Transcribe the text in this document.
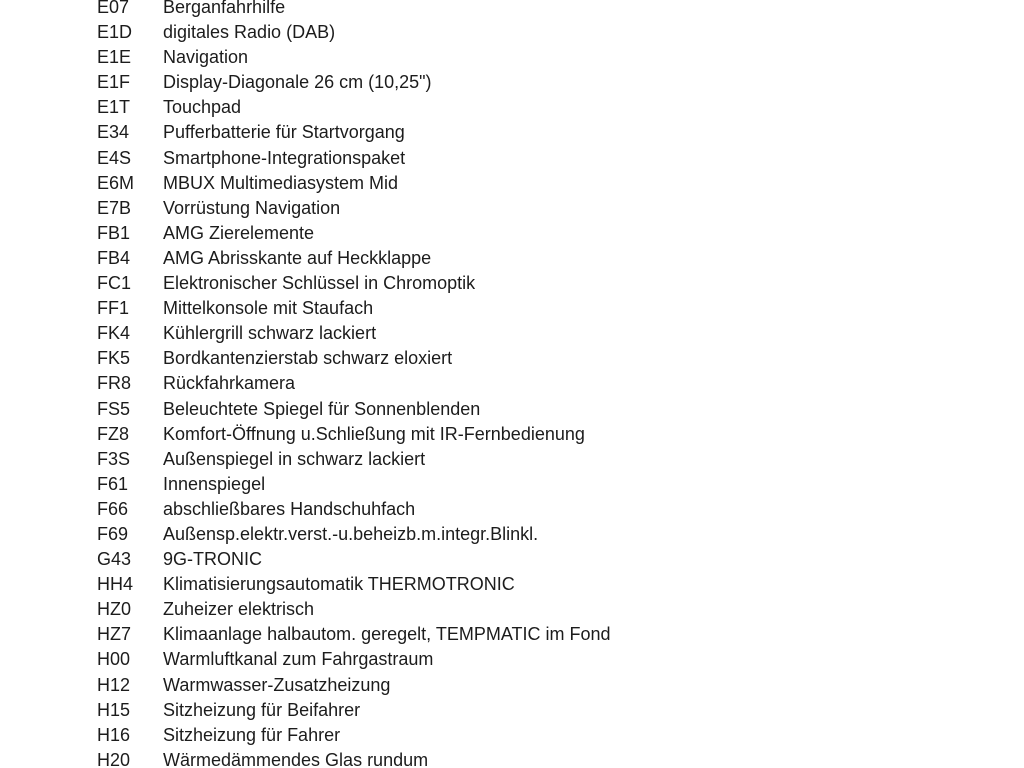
E07	Berganfahrhilfe
E1D	digitales Radio (DAB)
E1E	Navigation
E1F	Display-Diagonale 26 cm (10,25")
E1T	Touchpad
E34	Pufferbatterie für Startvorgang
E4S	Smartphone-Integrationspaket
E6M	MBUX Multimediasystem Mid
E7B	Vorrüstung Navigation
FB1	AMG Zierelemente
FB4	AMG Abrisskante auf Heckklappe
FC1	Elektronischer Schlüssel in Chromoptik
FF1	Mittelkonsole mit Staufach
FK4	Kühlergrill schwarz lackiert
FK5	Bordkantenzierstab schwarz eloxiert
FR8	Rückfahrkamera
FS5	Beleuchtete Spiegel für Sonnenblenden
FZ8	Komfort-Öffnung u.Schließung mit IR-Fernbedienung
F3S	Außenspiegel in schwarz lackiert
F61	Innenspiegel
F66	abschließbares Handschuhfach
F69	Außensp.elektr.verst.-u.beheizb.m.integr.Blinkl.
G43	9G-TRONIC
HH4	Klimatisierungsautomatik THERMOTRONIC
HZ0	Zuheizer elektrisch
HZ7	Klimaanlage halbautom. geregelt, TEMPMATIC im Fond
H00	Warmluftkanal zum Fahrgastraum
H12	Warmwasser-Zusatzheizung
H15	Sitzheizung für Beifahrer
H16	Sitzheizung für Fahrer
H20	Wärmedämmendes Glas rundum
